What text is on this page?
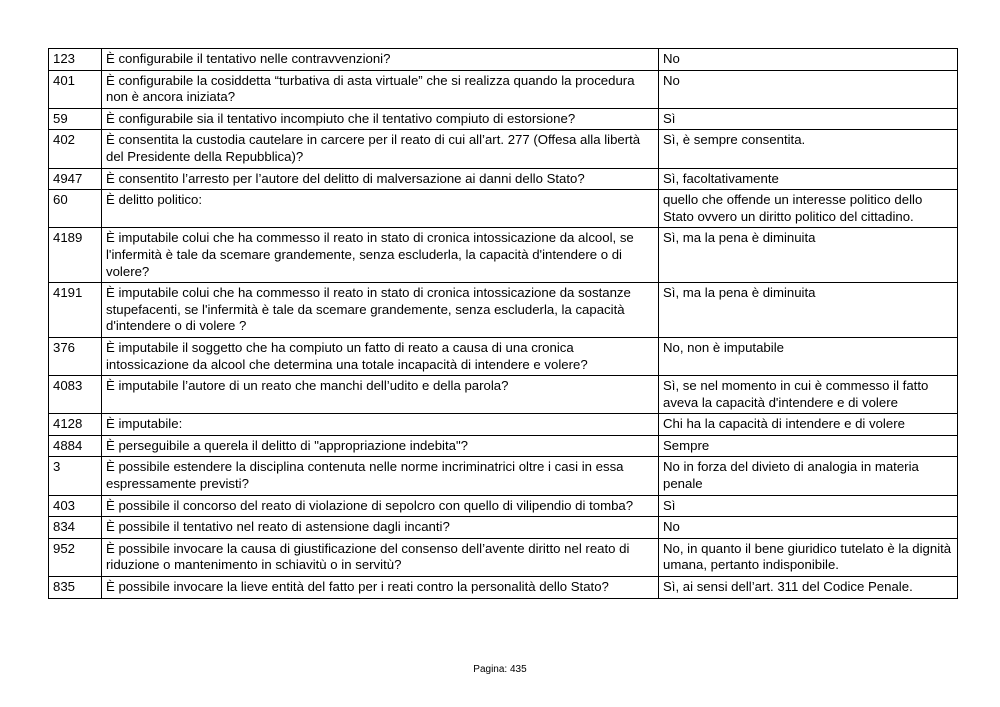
123	È configurabile il tentativo nelle contravvenzioni?	No
401	È configurabile la cosiddetta “turbativa di asta virtuale” che si realizza quando la procedura non è ancora iniziata?	No
59	È configurabile sia il tentativo incompiuto che il tentativo compiuto di estorsione?	Sì
402	È consentita la custodia cautelare in carcere per il reato di cui all’art. 277 (Offesa alla libertà del Presidente della Repubblica)?	Sì, è sempre consentita.
4947	È consentito l’arresto per l’autore del delitto di malversazione ai danni dello Stato?	Sì, facoltativamente
60	È delitto politico:	quello che offende un interesse politico dello Stato ovvero un diritto politico del cittadino.
4189	È imputabile colui che ha commesso il reato in stato di cronica intossicazione da alcool, se l'infermità è tale da scemare grandemente, senza escluderla, la capacità d'intendere o di volere?	Sì, ma la pena è diminuita
4191	È imputabile colui che ha commesso il reato in stato di cronica intossicazione da sostanze stupefacenti, se l'infermità è tale da scemare grandemente, senza escluderla, la capacità d'intendere o di volere ?	Sì, ma la pena è diminuita
376	È imputabile il soggetto che ha compiuto un fatto di reato a causa di una cronica intossicazione da alcool che determina una totale incapacità di intendere e volere?	No, non è imputabile
4083	È imputabile l’autore di un reato che manchi dell’udito e della parola?	Sì, se nel momento in cui è commesso il fatto aveva la capacità d'intendere e di volere
4128	È imputabile:	Chi ha la capacità di intendere e di volere
4884	È perseguibile a querela il delitto di "appropriazione indebita"?	Sempre
3	È possibile estendere la disciplina contenuta nelle norme incriminatrici oltre i casi in essa espressamente previsti?	No in forza del divieto di analogia in materia penale
403	È possibile il concorso del reato di violazione di sepolcro con quello di vilipendio di tomba?	Sì
834	È possibile il tentativo nel reato di astensione dagli incanti?	No
952	È possibile invocare la causa di giustificazione del consenso dell’avente diritto nel reato di riduzione o mantenimento in schiavitù o in servitù?	No, in quanto il bene giuridico tutelato è la dignità umana, pertanto indisponibile.
835	È possibile invocare la lieve entità del fatto per i reati contro la personalità dello Stato?	Sì, ai sensi dell’art. 311 del Codice Penale.
Pagina: 435
